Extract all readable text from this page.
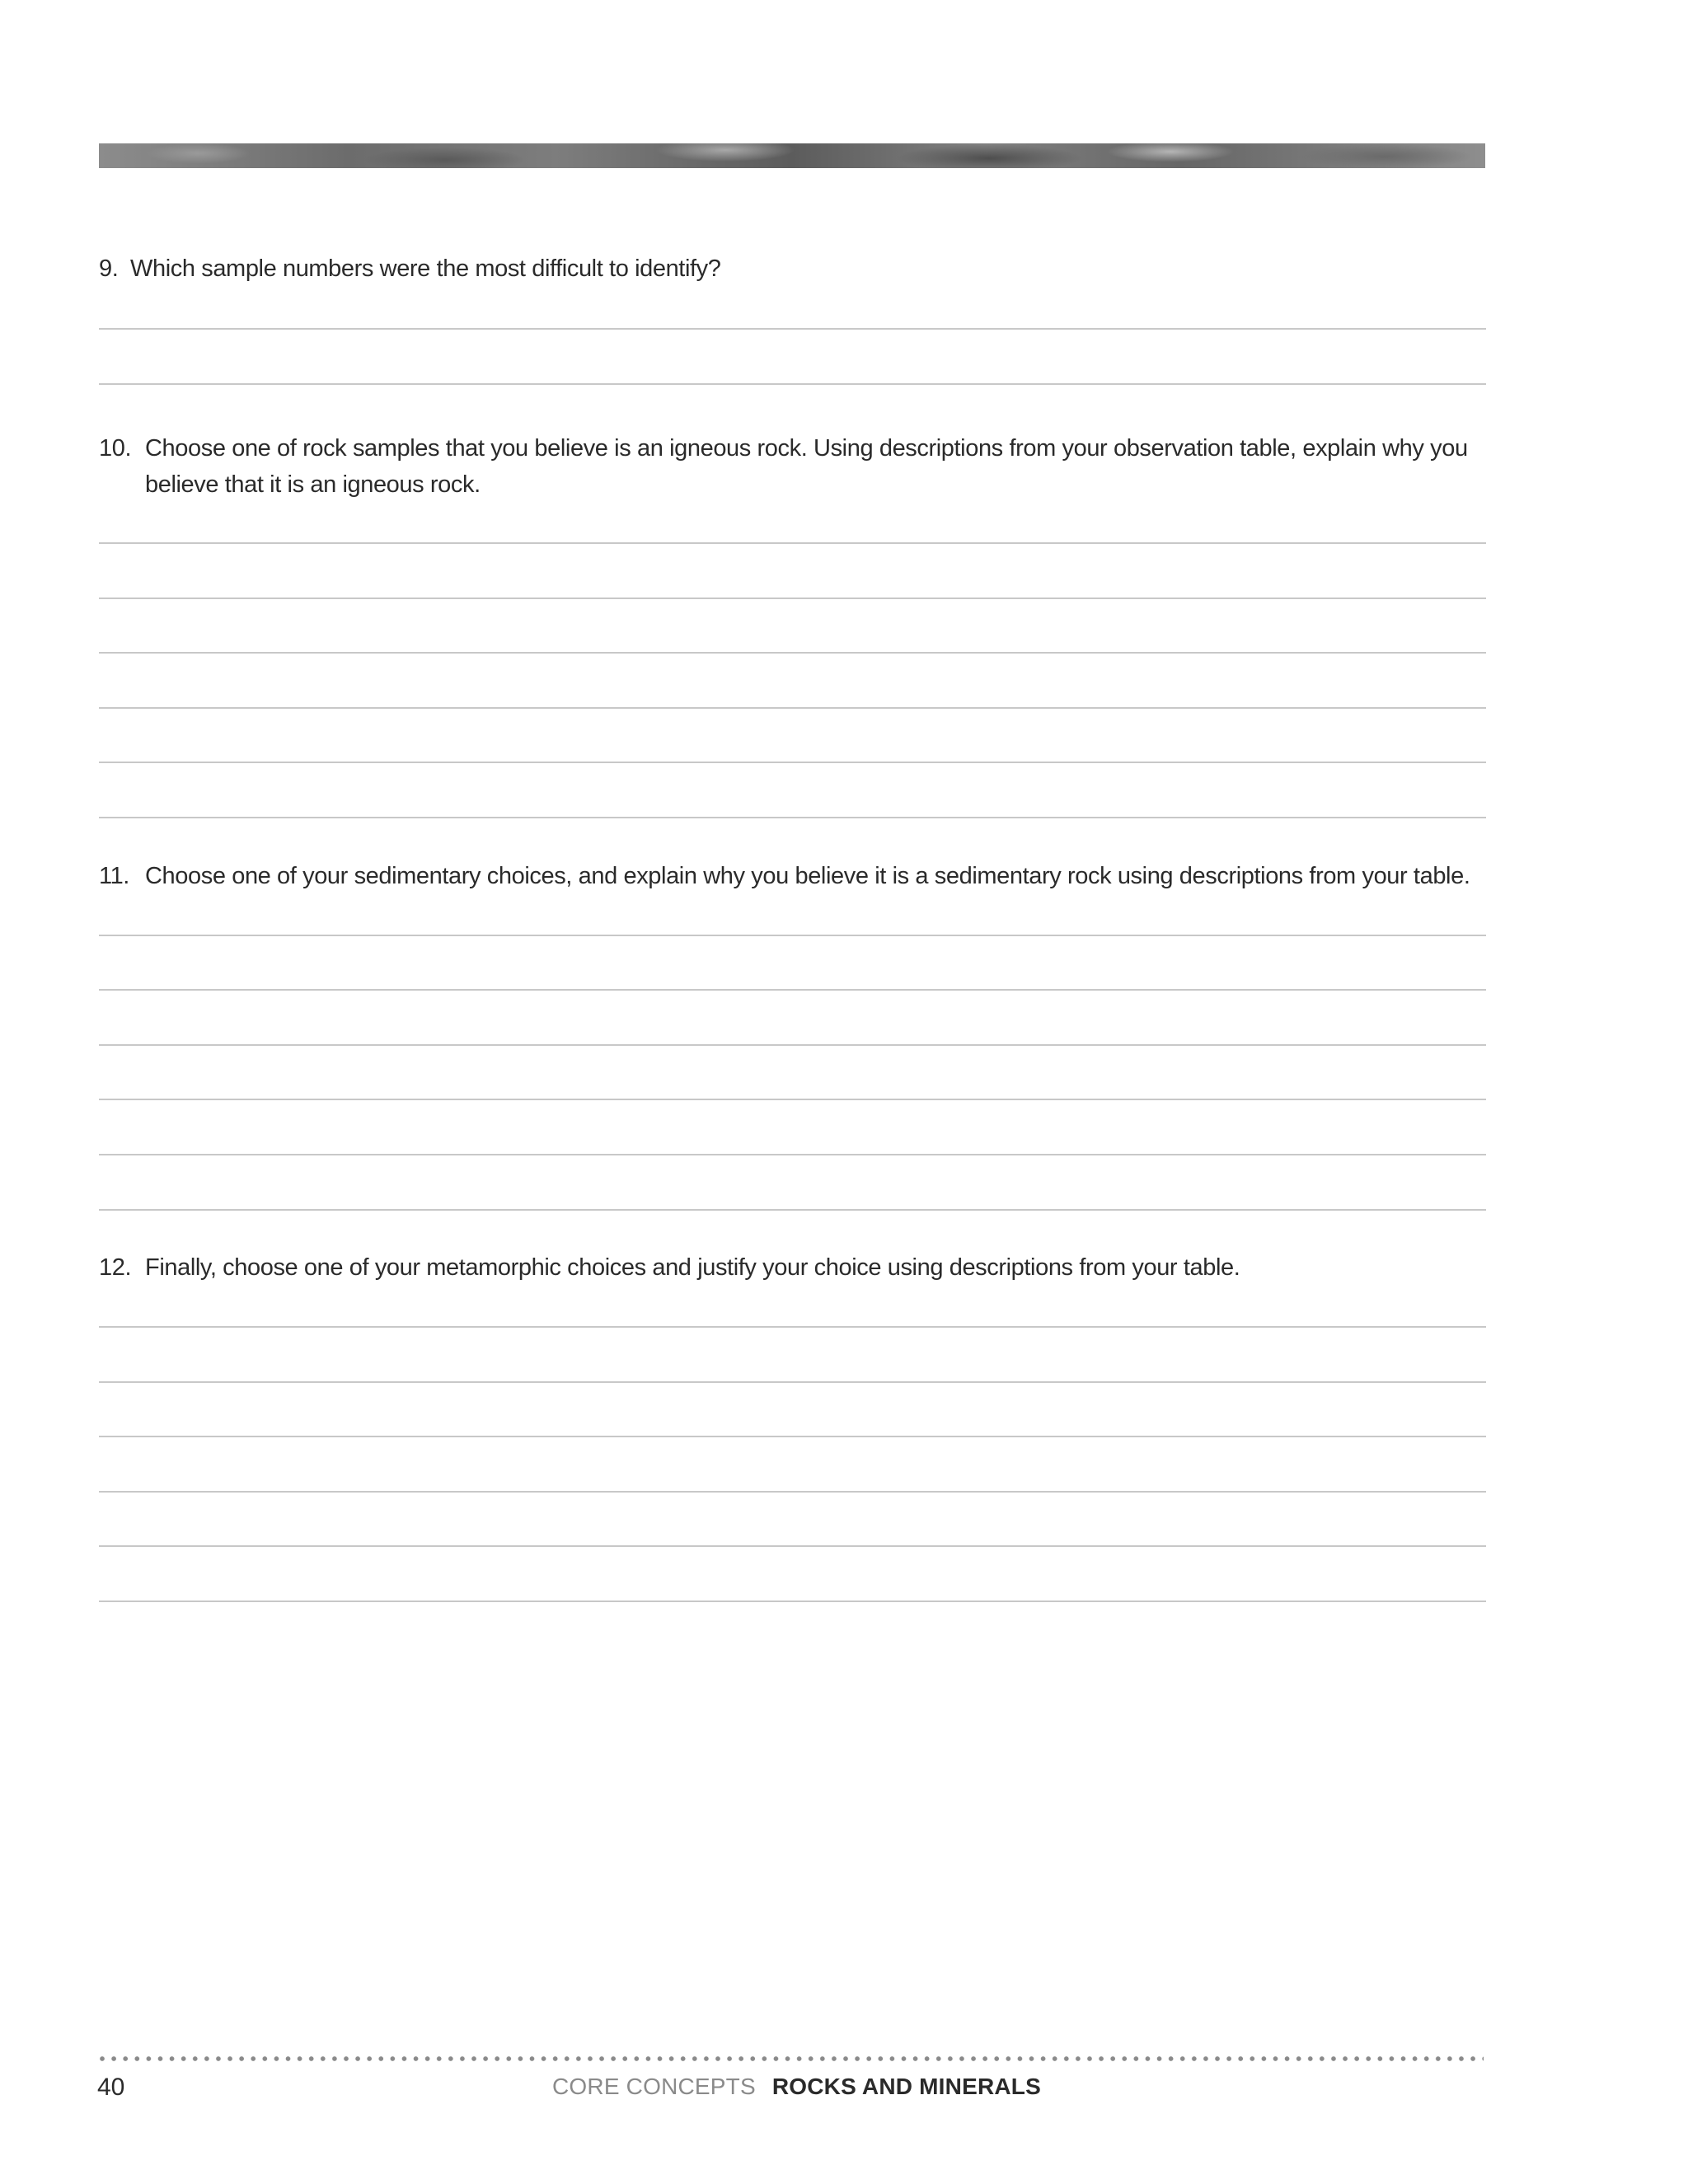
9. Which sample numbers were the most difficult to identify?
10. Choose one of rock samples that you believe is an igneous rock. Using descriptions from your observation table, explain why you believe that it is an igneous rock.
11. Choose one of your sedimentary choices, and explain why you believe it is a sedimentary rock using descriptions from your table.
12. Finally, choose one of your metamorphic choices and justify your choice using descriptions from your table.
40	CORE CONCEPTS ROCKS AND MINERALS
